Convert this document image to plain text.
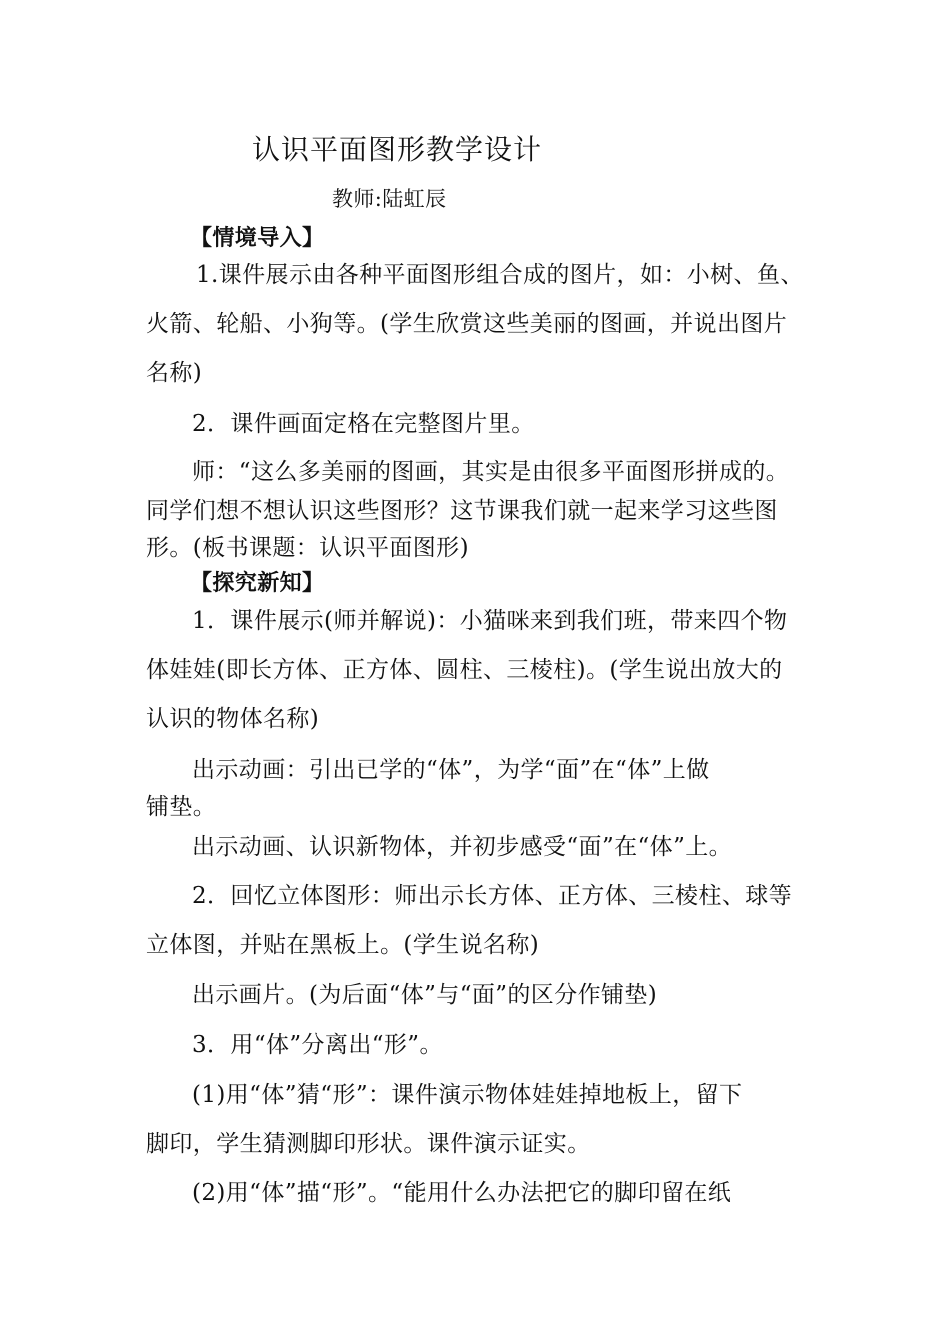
认识平面图形教学设计
教师:陆虹辰
【情境导入】
1.课件展示由各种平面图形组合成的图片，如：小树、鱼、
火箭、轮船、小狗等。(学生欣赏这些美丽的图画，并说出图片
名称)
2．课件画面定格在完整图片里。
师：“这么多美丽的图画，其实是由很多平面图形拼成的。
同学们想不想认识这些图形？这节课我们就一起来学习这些图
形。(板书课题：认识平面图形)
【探究新知】
1．课件展示(师并解说)：小猫咪来到我们班，带来四个物
体娃娃(即长方体、正方体、圆柱、三棱柱)。(学生说出放大的
认识的物体名称)
出示动画：引出已学的“体”，为学“面”在“体”上做
铺垫。
出示动画、认识新物体，并初步感受“面”在“体”上。
2．回忆立体图形：师出示长方体、正方体、三棱柱、球等
立体图，并贴在黑板上。(学生说名称)
出示画片。(为后面“体”与“面”的区分作铺垫)
3．用“体”分离出“形”。
(1)用“体”猜“形”：课件演示物体娃娃掉地板上，留下
脚印，学生猜测脚印形状。课件演示证实。
(2)用“体”描“形”。“能用什么办法把它的脚印留在纸
